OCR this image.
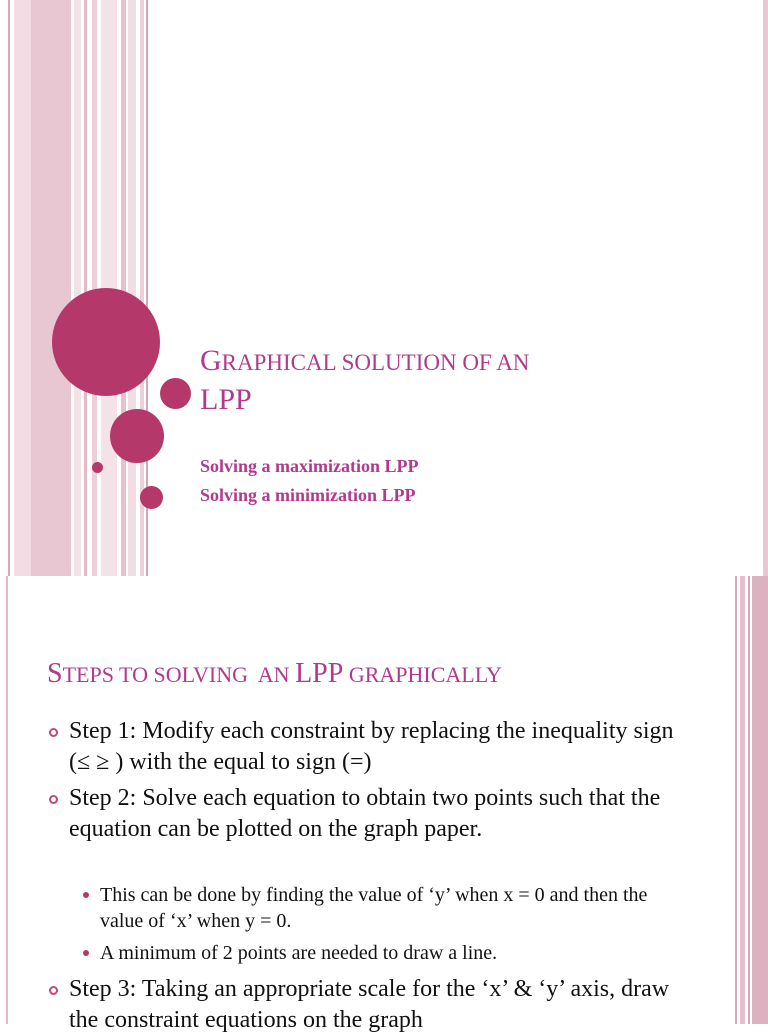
GRAPHICAL SOLUTION OF AN
LPP
Solving a maximization LPP
Solving a minimization LPP
STEPS TO SOLVING  AN LPP GRAPHICALLY
Step 1: Modify each constraint by replacing the inequality sign (≤ ≥ ) with the equal to sign (=)
Step 2: Solve each equation to obtain two points such that the equation can be plotted on the graph paper.
This can be done by finding the value of ‘y’ when x = 0 and then the value of ‘x’ when y = 0.
A minimum of 2 points are needed to draw a line.
Step 3: Taking an appropriate scale for the ‘x’ & ‘y’ axis, draw the constraint equations on the graph
